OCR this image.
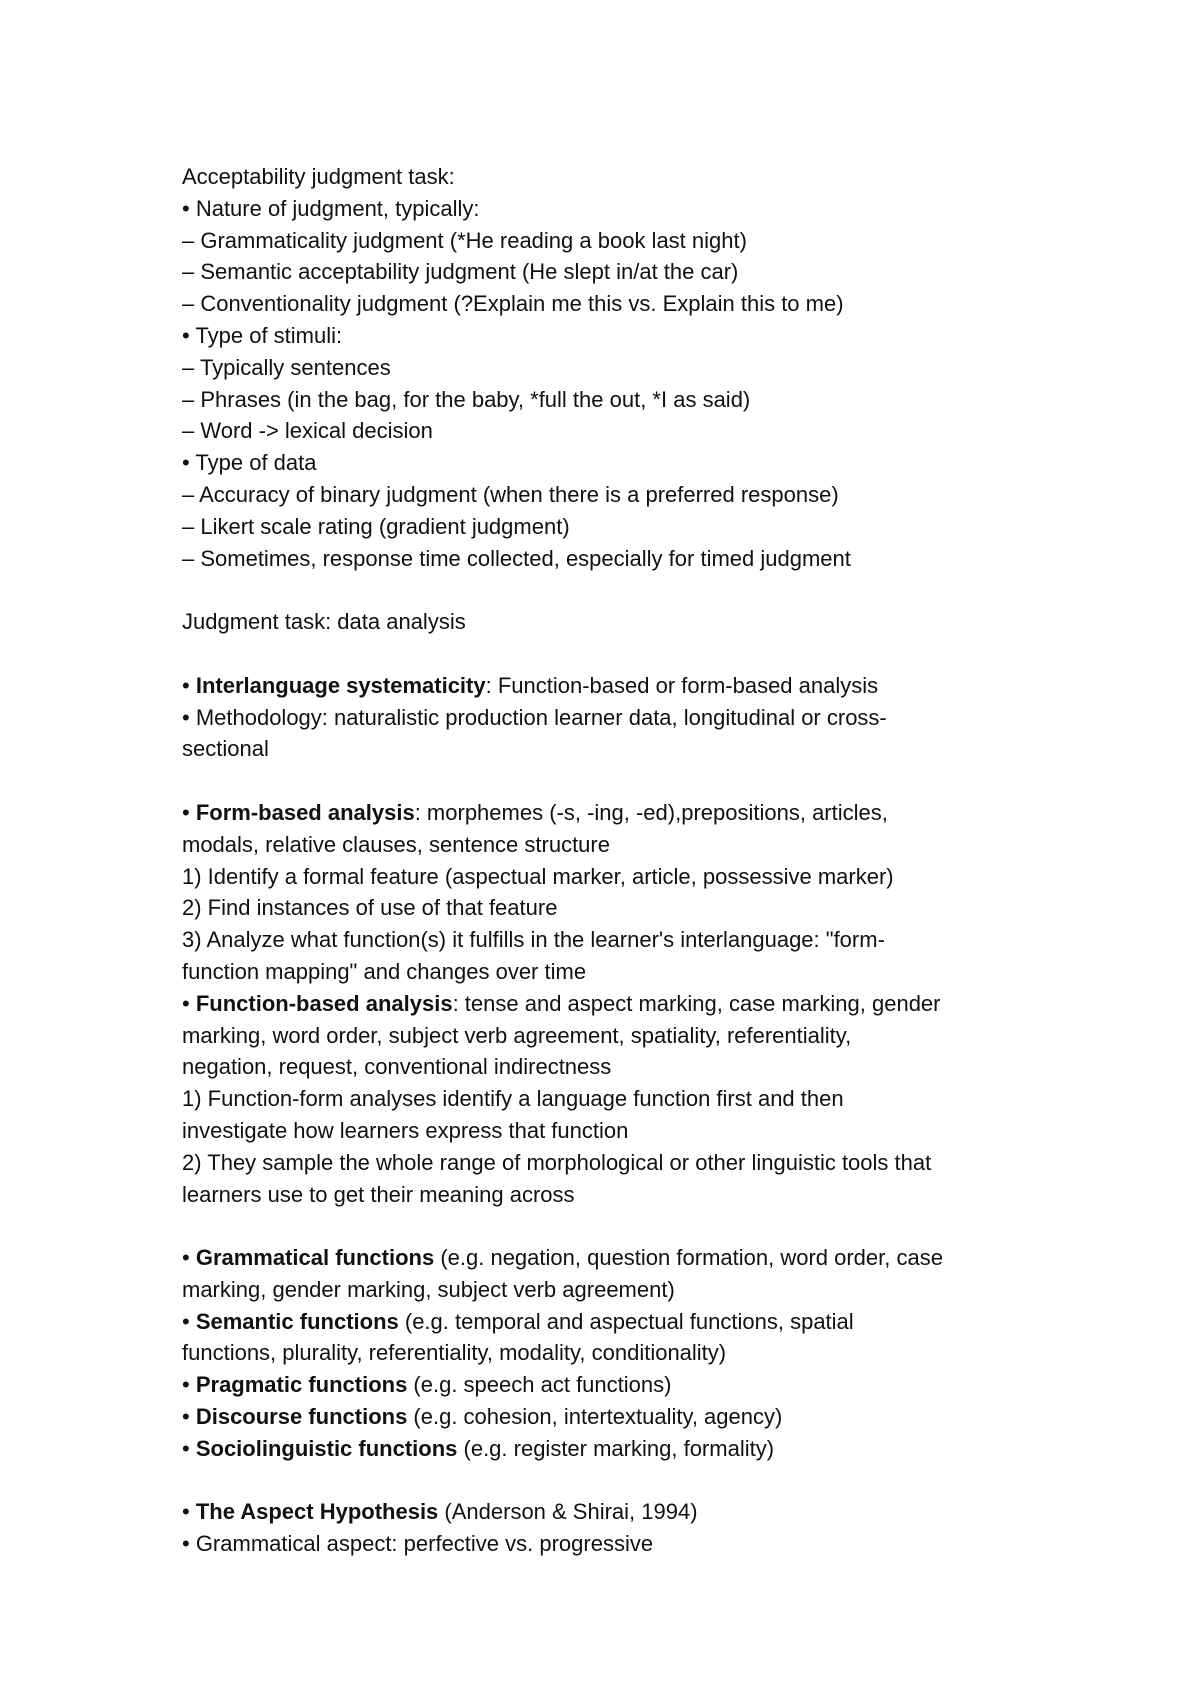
Acceptability judgment task:

• Nature of judgment, typically:

– Grammaticality judgment (*He reading a book last night)

– Semantic acceptability judgment (He slept in/at the car)

– Conventionality judgment (?Explain me this vs. Explain this to me)

• Type of stimuli:

– Typically sentences

– Phrases (in the bag, for the baby, *full the out, *I as said)

– Word -> lexical decision

• Type of data

– Accuracy of binary judgment (when there is a preferred response)

– Likert scale rating (gradient judgment)

– Sometimes, response time collected, especially for timed judgment

Judgment task: data analysis

• Interlanguage systematicity: Function-based or form-based analysis

• Methodology: naturalistic production learner data, longitudinal or cross-

sectional

• Form-based analysis: morphemes (-s, -ing, -ed),prepositions, articles,

modals, relative clauses, sentence structure

1) Identify a formal feature (aspectual marker, article, possessive marker)

2) Find instances of use of that feature

3) Analyze what function(s) it fulfills in the learner's interlanguage: "form-

function mapping" and changes over time

• Function-based analysis: tense and aspect marking, case marking, gender

marking, word order, subject verb agreement, spatiality, referentiality,

negation, request, conventional indirectness

1) Function-form analyses identify a language function first and then

investigate how learners express that function

2) They sample the whole range of morphological or other linguistic tools that

learners use to get their meaning across

• Grammatical functions (e.g. negation, question formation, word order, case

marking, gender marking, subject verb agreement)

• Semantic functions (e.g. temporal and aspectual functions, spatial

functions, plurality, referentiality, modality, conditionality)

• Pragmatic functions (e.g. speech act functions)

• Discourse functions (e.g. cohesion, intertextuality, agency)

• Sociolinguistic functions (e.g. register marking, formality)

• The Aspect Hypothesis (Anderson & Shirai, 1994)

• Grammatical aspect: perfective vs. progressive
